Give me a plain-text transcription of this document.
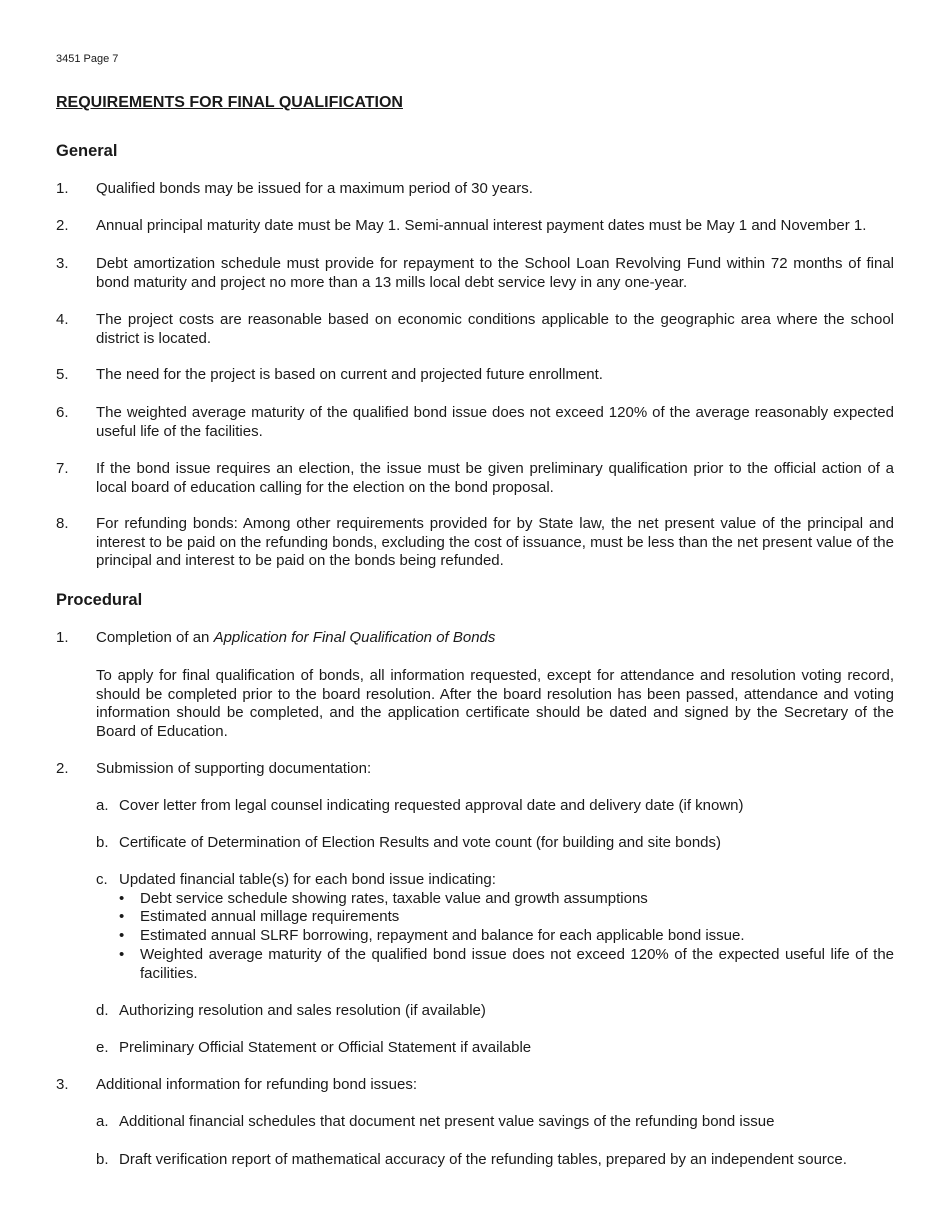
3451 Page 7
REQUIREMENTS FOR FINAL QUALIFICATION
General
1. Qualified bonds may be issued for a maximum period of 30 years.

2. Annual principal maturity date must be May 1. Semi-annual interest payment dates must be May 1 and November 1.

3. Debt amortization schedule must provide for repayment to the School Loan Revolving Fund within 72 months of final bond maturity and project no more than a 13 mills local debt service levy in any one-year.

4. The project costs are reasonable based on economic conditions applicable to the geographic area where the school district is located.

5. The need for the project is based on current and projected future enrollment.

6. The weighted average maturity of the qualified bond issue does not exceed 120% of the average reasonably expected useful life of the facilities.

7. If the bond issue requires an election, the issue must be given preliminary qualification prior to the official action of a local board of education calling for the election on the bond proposal.

8. For refunding bonds: Among other requirements provided for by State law, the net present value of the principal and interest to be paid on the refunding bonds, excluding the cost of issuance, must be less than the net present value of the principal and interest to be paid on the bonds being refunded.

Procedural
1. Completion of an Application for Final Qualification of Bonds

To apply for final qualification of bonds, all information requested, except for attendance and resolution voting record, should be completed prior to the board resolution. After the board resolution has been passed, attendance and voting information should be completed, and the application certificate should be dated and signed by the Secretary of the Board of Education.

2. Submission of supporting documentation:

a. Cover letter from legal counsel indicating requested approval date and delivery date (if known)

b. Certificate of Determination of Election Results and vote count (for building and site bonds)

c. Updated financial table(s) for each bond issue indicating:

• Debt service schedule showing rates, taxable value and growth assumptions

• Estimated annual millage requirements

• Estimated annual SLRF borrowing, repayment and balance for each applicable bond issue.

• Weighted average maturity of the qualified bond issue does not exceed 120% of the expected useful life of the facilities.

d. Authorizing resolution and sales resolution (if available)

e. Preliminary Official Statement or Official Statement if available

3. Additional information for refunding bond issues:

a. Additional financial schedules that document net present value savings of the refunding bond issue

b. Draft verification report of mathematical accuracy of the refunding tables, prepared by an independent source.
